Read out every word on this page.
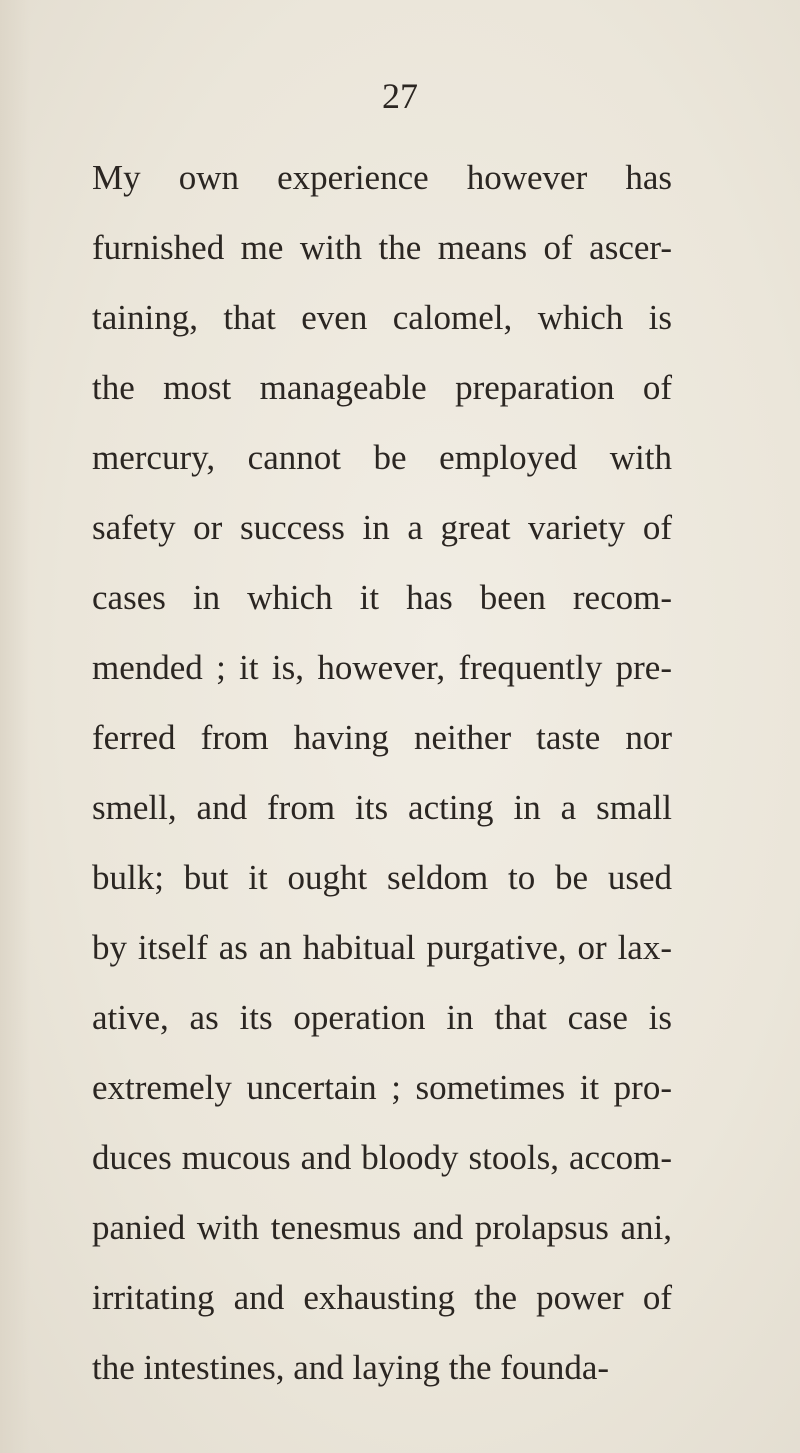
27
My own experience however has
furnished me with the means of ascer-
taining, that even calomel, which is
the most manageable preparation of
mercury, cannot be employed with
safety or success in a great variety of
cases in which it has been recom-
mended ; it is, however, frequently pre-
ferred from having neither taste nor
smell, and from its acting in a small
bulk; but it ought seldom to be used
by itself as an habitual purgative, or lax-
ative, as its operation in that case is
extremely uncertain ; sometimes it pro-
duces mucous and bloody stools, accom-
panied with tenesmus and prolapsus ani,
irritating and exhausting the power of
the intestines, and laying the founda-
